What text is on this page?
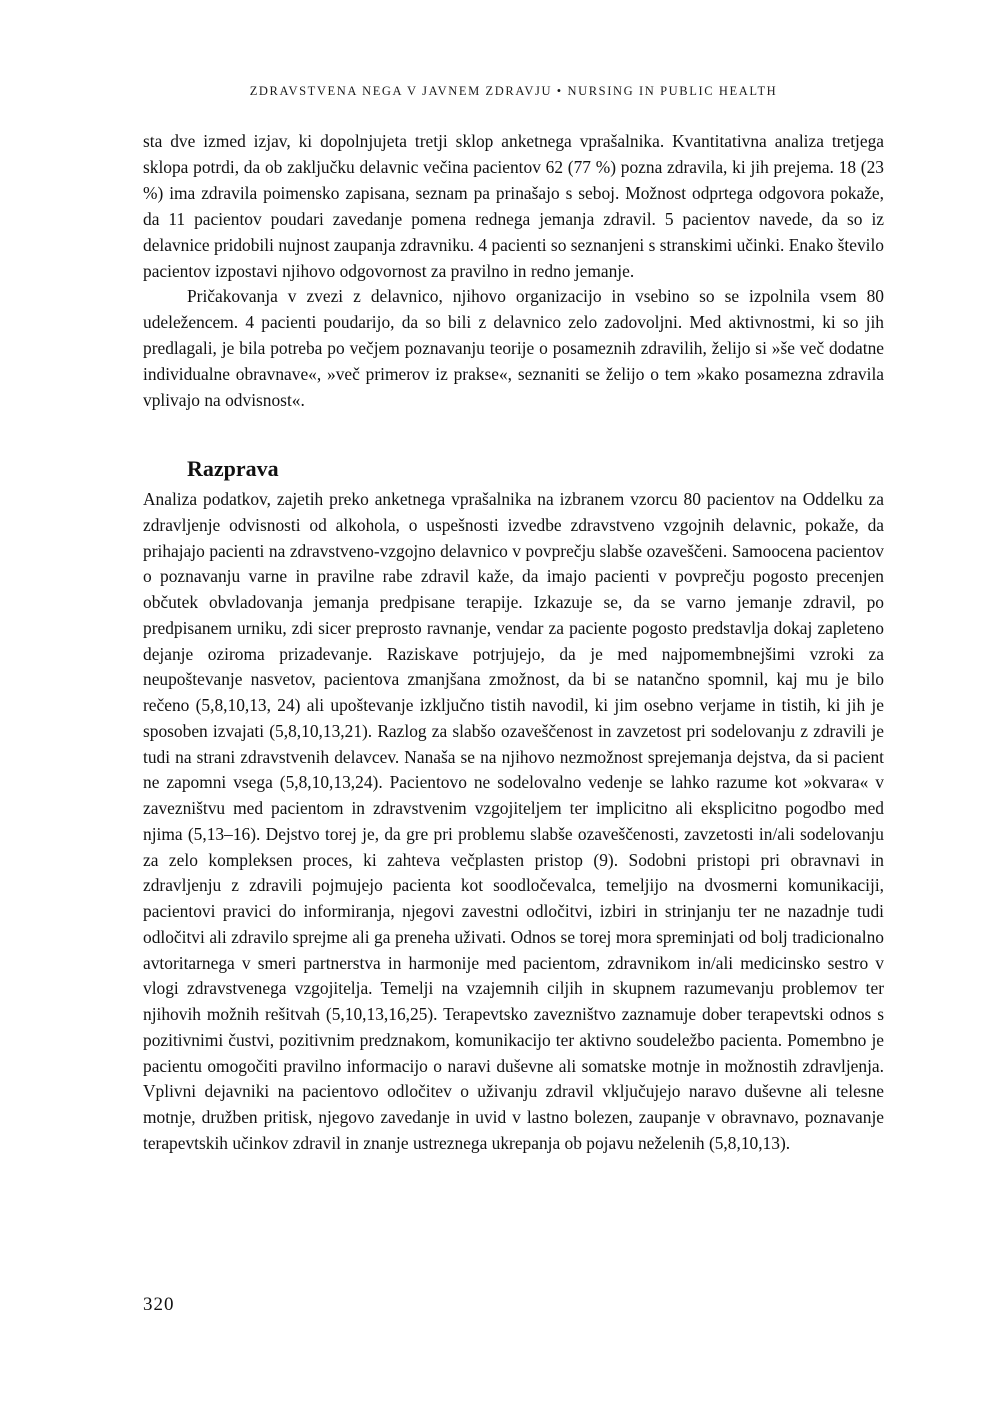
ZDRAVSTVENA NEGA V JAVNEM ZDRAVJU • NURSING IN PUBLIC HEALTH

sta dve izmed izjav, ki dopolnjujeta tretji sklop anketnega vprašalnika. Kvantitativna analiza tretjega sklopa potrdi, da ob zaključku delavnic večina pacientov 62 (77 %) pozna zdravila, ki jih prejema. 18 (23 %) ima zdravila poimensko zapisana, seznam pa prinašajo s seboj. Možnost odprtega odgovora pokaže, da 11 pacientov poudari zavedanje pomena rednega jemanja zdravil. 5 pacientov navede, da so iz delavnice pridobili nujnost zaupanja zdravniku. 4 pacienti so seznanjeni s stranskimi učinki. Enako število pacientov izpostavi njihovo odgovornost za pravilno in redno jemanje.

Pričakovanja v zvezi z delavnico, njihovo organizacijo in vsebino so se izpolnila vsem 80 udeležencem. 4 pacienti poudarijo, da so bili z delavnico zelo zadovoljni. Med aktivnostmi, ki so jih predlagali, je bila potreba po večjem poznavanju teorije o posameznih zdravilih, želijo si »še več dodatne individualne obravnave«, »več primerov iz prakse«, seznaniti se želijo o tem »kako posamezna zdravila vplivajo na odvisnost«.

Razprava

Analiza podatkov, zajetih preko anketnega vprašalnika na izbranem vzorcu 80 pacientov na Oddelku za zdravljenje odvisnosti od alkohola, o uspešnosti izvedbe zdravstveno vzgojnih delavnic, pokaže, da prihajajo pacienti na zdravstveno-vzgojno delavnico v povprečju slabše ozaveščeni. Samoocena pacientov o poznavanju varne in pravilne rabe zdravil kaže, da imajo pacienti v povprečju pogosto precenjen občutek obvladovanja jemanja predpisane terapije. Izkazuje se, da se varno jemanje zdravil, po predpisanem urniku, zdi sicer preprosto ravnanje, vendar za paciente pogosto predstavlja dokaj zapleteno dejanje oziroma prizadevanje. Raziskave potrjujejo, da je med najpomembnejšimi vzroki za neupoštevanje nasvetov, pacientova zmanjšana zmožnost, da bi se natančno spomnil, kaj mu je bilo rečeno (5,8,10,13, 24) ali upoštevanje izključno tistih navodil, ki jim osebno verjame in tistih, ki jih je sposoben izvajati (5,8,10,13,21). Razlog za slabšo ozaveščenost in zavzetost pri sodelovanju z zdravili je tudi na strani zdravstvenih delavcev. Nanaša se na njihovo nezmožnost sprejemanja dejstva, da si pacient ne zapomni vsega (5,8,10,13,24). Pacientovo ne sodelovalno vedenje se lahko razume kot »okvara« v zavezništvu med pacientom in zdravstvenim vzgojiteljem ter implicitno ali eksplicitno pogodbo med njima (5,13–16). Dejstvo torej je, da gre pri problemu slabše ozaveščenosti, zavzetosti in/ali sodelovanju za zelo kompleksen proces, ki zahteva večplasten pristop (9). Sodobni pristopi pri obravnavi in zdravljenju z zdravili pojmujejo pacienta kot soodločevalca, temeljijo na dvosmerni komunikaciji, pacientovi pravici do informiranja, njegovi zavestni odločitvi, izbiri in strinjanju ter ne nazadnje tudi odločitvi ali zdravilo sprejme ali ga preneha uživati. Odnos se torej mora spreminjati od bolj tradicionalno avtoritarnega v smeri partnerstva in harmonije med pacientom, zdravnikom in/ali medicinsko sestro v vlogi zdravstvenega vzgojitelja. Temelji na vzajemnih ciljih in skupnem razumevanju problemov ter njihovih možnih rešitvah (5,10,13,16,25). Terapevtsko zavezništvo zaznamuje dober terapevtski odnos s pozitivnimi čustvi, pozitivnim predznakom, komunikacijo ter aktivno soudeležbo pacienta. Pomembno je pacientu omogočiti pravilno informacijo o naravi duševne ali somatske motnje in možnostih zdravljenja. Vplivni dejavniki na pacientovo odločitev o uživanju zdravil vključujejo naravo duševne ali telesne motnje, družben pritisk, njegovo zavedanje in uvid v lastno bolezen, zaupanje v obravnavo, poznavanje terapevtskih učinkov zdravil in znanje ustreznega ukrepanja ob pojavu neželenih (5,8,10,13).

320
